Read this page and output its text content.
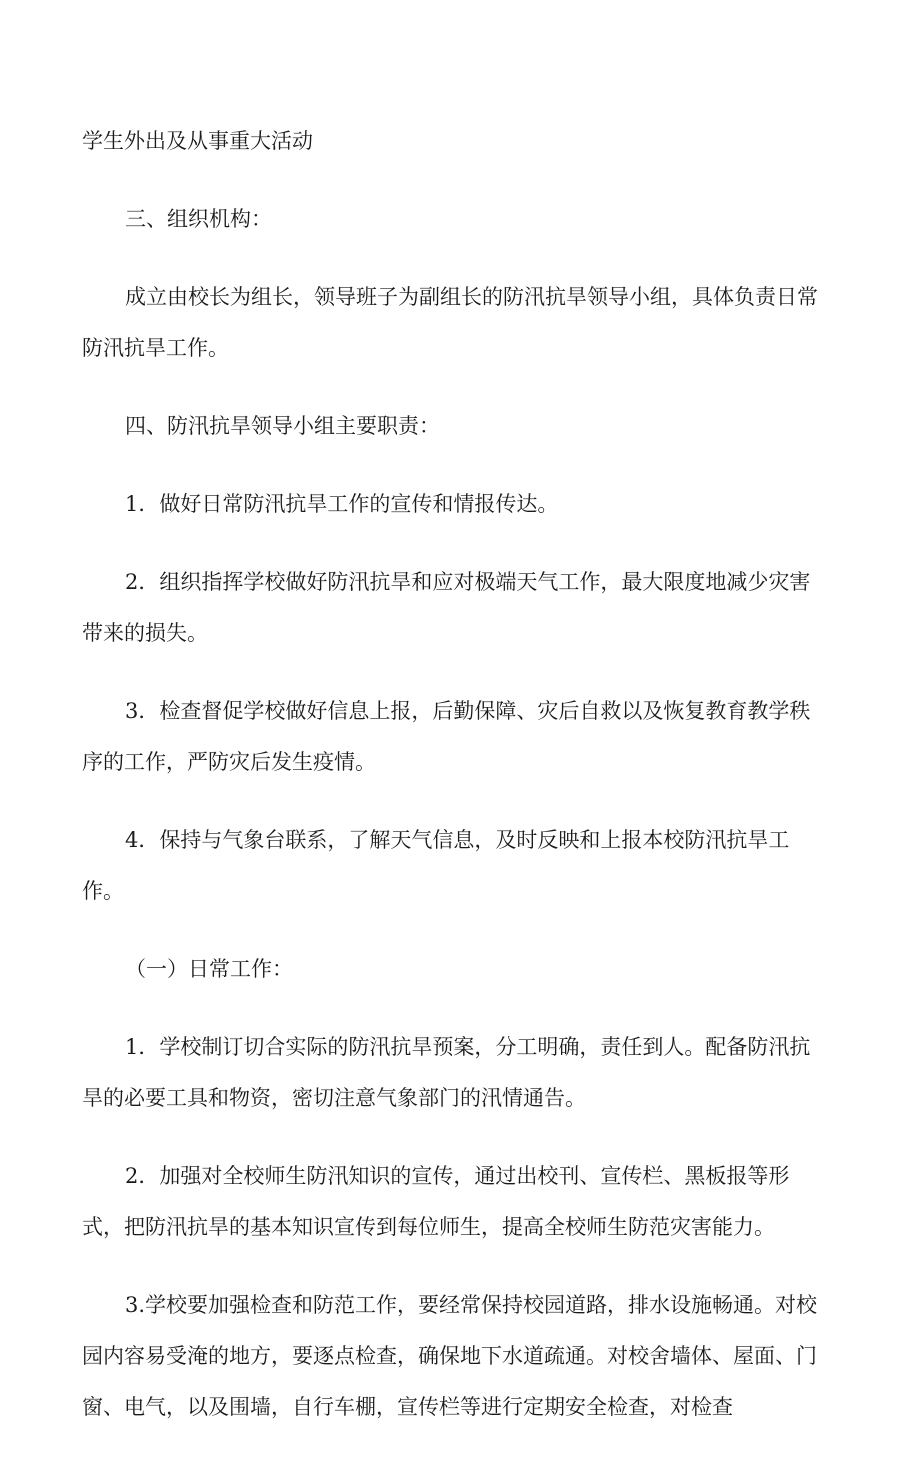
学生外出及从事重大活动

三、组织机构：

成立由校长为组长，领导班子为副组长的防汛抗旱领导小组，具体负责日常防汛抗旱工作。

四、防汛抗旱领导小组主要职责：

1．做好日常防汛抗旱工作的宣传和情报传达。

2．组织指挥学校做好防汛抗旱和应对极端天气工作，最大限度地减少灾害带来的损失。

3．检查督促学校做好信息上报，后勤保障、灾后自救以及恢复教育教学秩序的工作，严防灾后发生疫情。

4．保持与气象台联系，了解天气信息，及时反映和上报本校防汛抗旱工作。

（一）日常工作：

1．学校制订切合实际的防汛抗旱预案，分工明确，责任到人。配备防汛抗旱的必要工具和物资，密切注意气象部门的汛情通告。

2．加强对全校师生防汛知识的宣传，通过出校刊、宣传栏、黑板报等形式，把防汛抗旱的基本知识宣传到每位师生，提高全校师生防范灾害能力。

3.学校要加强检查和防范工作，要经常保持校园道路，排水设施畅通。对校园内容易受淹的地方，要逐点检查，确保地下水道疏通。对校舍墙体、屋面、门窗、电气，以及围墙，自行车棚，宣传栏等进行定期安全检查，对检查
